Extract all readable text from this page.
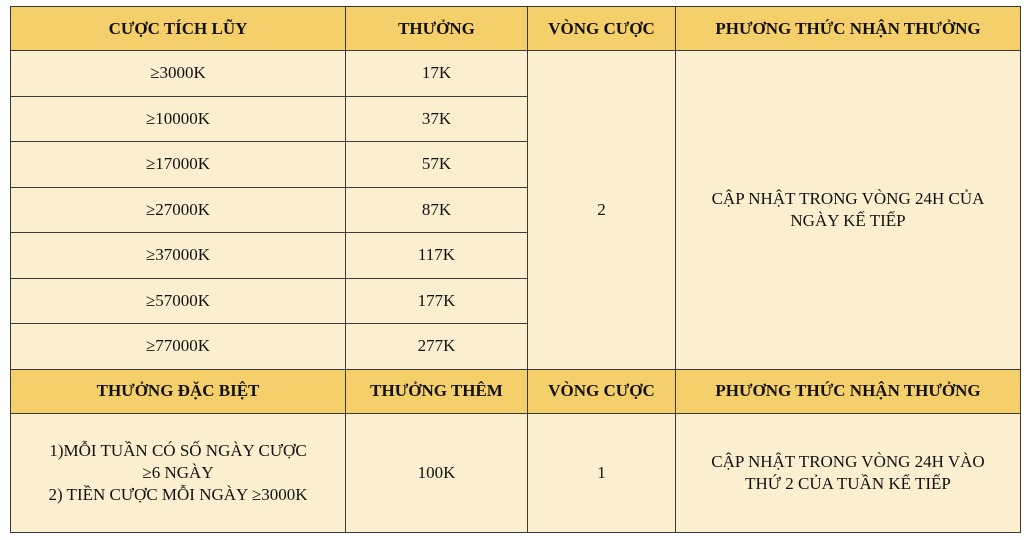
CƯỢC TÍCH LŨY	THƯỞNG	VÒNG CƯỢC	PHƯƠNG THỨC NHẬN THƯỞNG
≥3000K	17K	2	CẬP NHẬT TRONG VÒNG 24H CỦA
NGÀY KẾ TIẾP
≥10000K	37K		
≥17000K	57K		
≥27000K	87K		
≥37000K	117K		
≥57000K	177K		
≥77000K	277K		
THƯỞNG ĐẶC BIỆT	THƯỞNG THÊM	VÒNG CƯỢC	PHƯƠNG THỨC NHẬN THƯỞNG
1)MỖI TUẦN CÓ SỐ NGÀY CƯỢC
≥6 NGÀY
2) TIỀN CƯỢC MỖI NGÀY ≥3000K	100K	1	CẬP NHẬT TRONG VÒNG 24H VÀO
THỨ 2 CỦA TUẦN KẾ TIẾP
